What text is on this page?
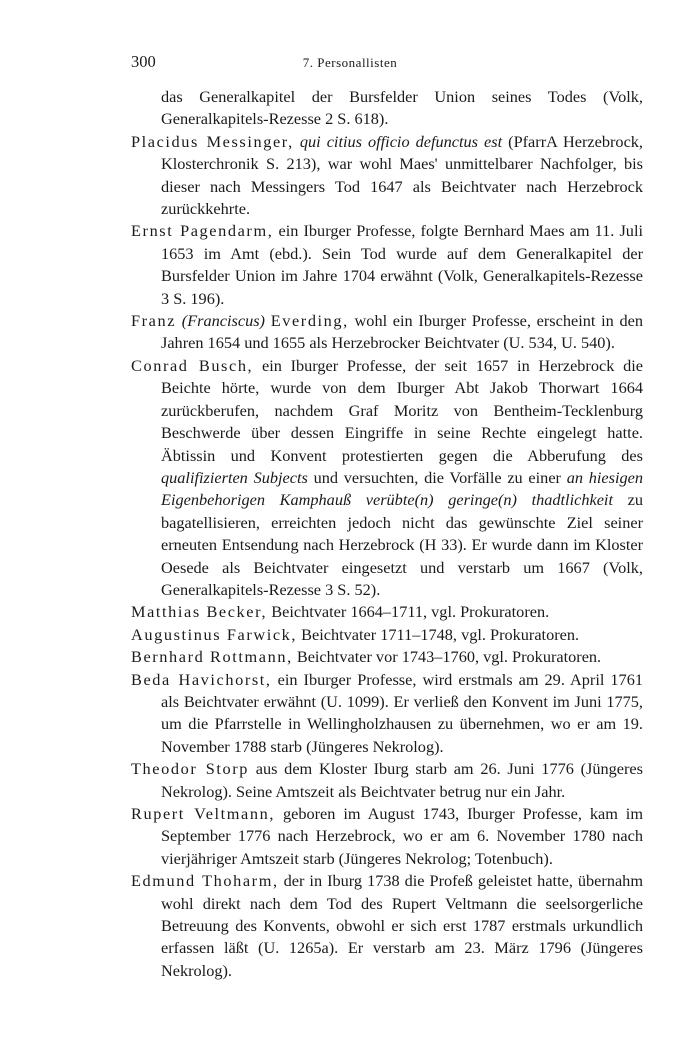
300	7. Personallisten

das Generalkapitel der Bursfelder Union seines Todes (Volk, Generalkapitels-Rezesse 2 S. 618).

Placidus Messinger, qui citius officio defunctus est (PfarrA Herzebrock, Klosterchronik S. 213), war wohl Maes' unmittelbarer Nachfolger, bis dieser nach Messingers Tod 1647 als Beichtvater nach Herzebrock zurückkehrte.

Ernst Pagendarm, ein Iburger Professe, folgte Bernhard Maes am 11. Juli 1653 im Amt (ebd.). Sein Tod wurde auf dem Generalkapitel der Bursfelder Union im Jahre 1704 erwähnt (Volk, Generalkapitels-Rezesse 3 S. 196).

Franz (Franciscus) Everding, wohl ein Iburger Professe, erscheint in den Jahren 1654 und 1655 als Herzebrocker Beichtvater (U. 534, U. 540).

Conrad Busch, ein Iburger Professe, der seit 1657 in Herzebrock die Beichte hörte, wurde von dem Iburger Abt Jakob Thorwart 1664 zurückberufen, nachdem Graf Moritz von Bentheim-Tecklenburg Beschwerde über dessen Eingriffe in seine Rechte eingelegt hatte. Äbtissin und Konvent protestierten gegen die Abberufung des qualifizierten Subjects und versuchten, die Vorfälle zu einer an hiesigen Eigenbehorigen Kamphauß verübte(n) geringe(n) thadtlichkeit zu bagatellisieren, erreichten jedoch nicht das gewünschte Ziel seiner erneuten Entsendung nach Herzebrock (H 33). Er wurde dann im Kloster Oesede als Beichtvater eingesetzt und verstarb um 1667 (Volk, Generalkapitels-Rezesse 3 S. 52).

Matthias Becker, Beichtvater 1664–1711, vgl. Prokuratoren.

Augustinus Farwick, Beichtvater 1711–1748, vgl. Prokuratoren.

Bernhard Rottmann, Beichtvater vor 1743–1760, vgl. Prokuratoren.

Beda Havichorst, ein Iburger Professe, wird erstmals am 29. April 1761 als Beichtvater erwähnt (U. 1099). Er verließ den Konvent im Juni 1775, um die Pfarrstelle in Wellingholzhausen zu übernehmen, wo er am 19. November 1788 starb (Jüngeres Nekrolog).

Theodor Storp aus dem Kloster Iburg starb am 26. Juni 1776 (Jüngeres Nekrolog). Seine Amtszeit als Beichtvater betrug nur ein Jahr.

Rupert Veltmann, geboren im August 1743, Iburger Professe, kam im September 1776 nach Herzebrock, wo er am 6. November 1780 nach vierjähriger Amtszeit starb (Jüngeres Nekrolog; Totenbuch).

Edmund Thoharm, der in Iburg 1738 die Profeß geleistet hatte, übernahm wohl direkt nach dem Tod des Rupert Veltmann die seelsorgerliche Betreuung des Konvents, obwohl er sich erst 1787 erstmals urkundlich erfassen läßt (U. 1265a). Er verstarb am 23. März 1796 (Jüngeres Nekrolog).
